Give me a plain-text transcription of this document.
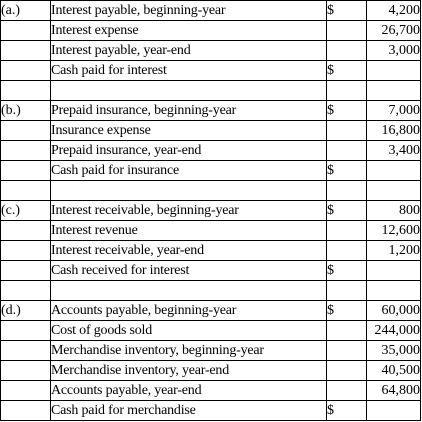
(a.)	Interest payable, beginning-year	$	4,200
	Interest expense		26,700
	Interest payable, year-end		3,000
	Cash paid for interest	$	

(b.)	Prepaid insurance, beginning-year	$	7,000
	Insurance expense		16,800
	Prepaid insurance, year-end		3,400
	Cash paid for insurance	$	

(c.)	Interest receivable, beginning-year	$	800
	Interest revenue		12,600
	Interest receivable, year-end		1,200
	Cash received for interest	$	

(d.)	Accounts payable, beginning-year	$	60,000
	Cost of goods sold		244,000
	Merchandise inventory, beginning-year		35,000
	Merchandise inventory, year-end		40,500
	Accounts payable, year-end		64,800
	Cash paid for merchandise	$	
